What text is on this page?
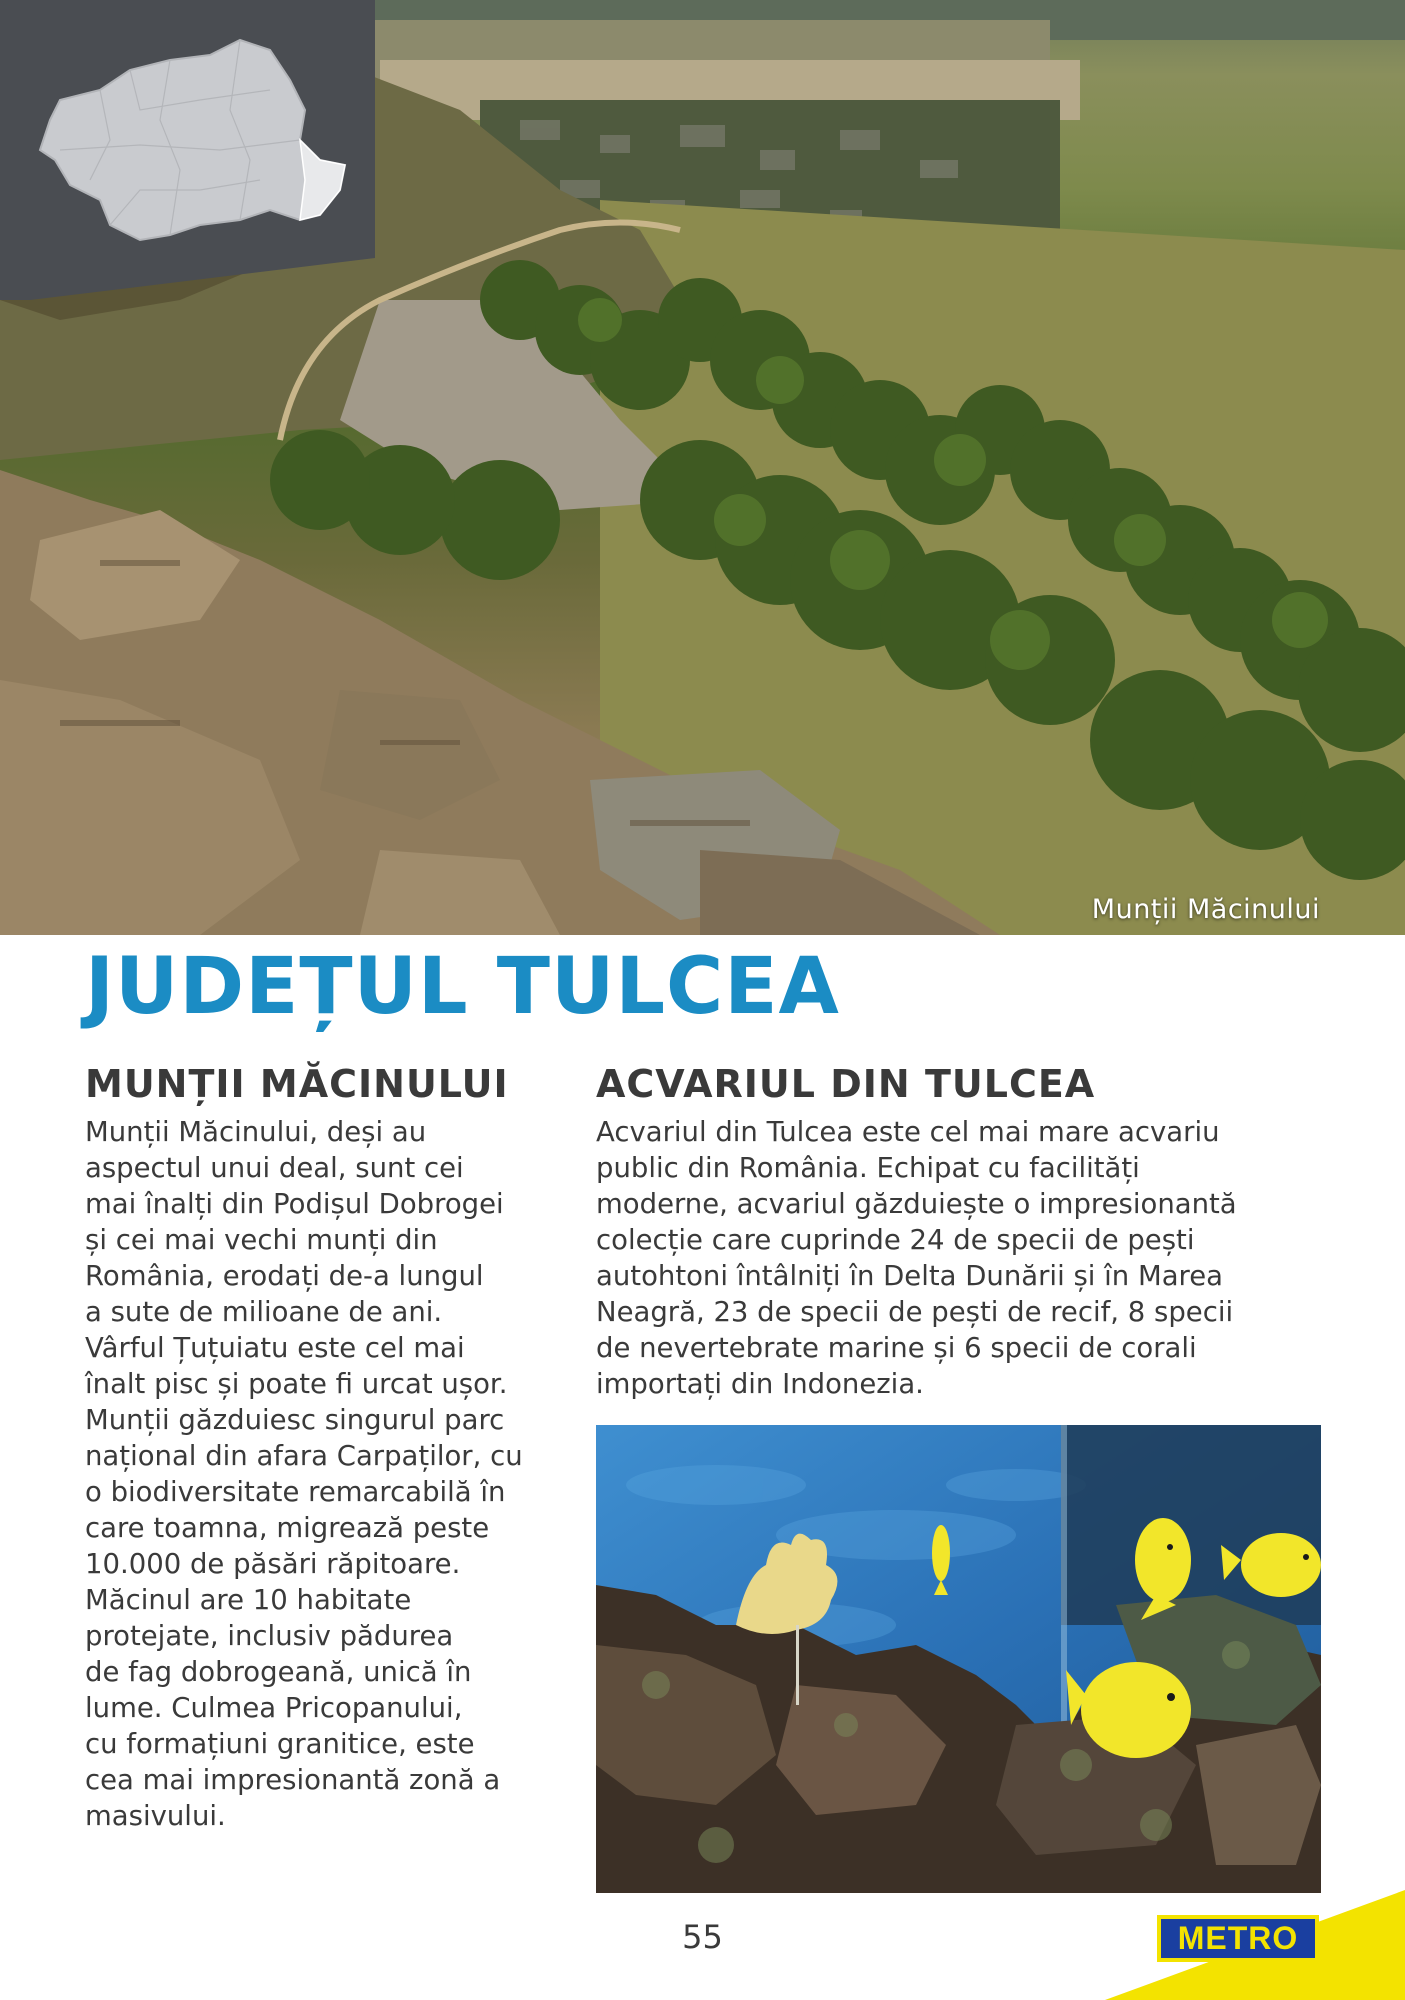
Munții Măcinului
JUDEȚUL TULCEA
MUNȚII MĂCINULUI

Munții Măcinului, deși au
aspectul unui deal, sunt cei
mai înalți din Podișul Dobrogei
și cei mai vechi munți din
România, erodați de-a lungul
a sute de milioane de ani.
Vârful Țuțuiatu este cel mai
înalt pisc și poate fi urcat ușor.
Munții găzduiesc singurul parc
național din afara Carpaților, cu
o biodiversitate remarcabilă în
care toamna, migrează peste
10.000 de păsări răpitoare.
Măcinul are 10 habitate
protejate, inclusiv pădurea
de fag dobrogeană, unică în
lume. Culmea Pricopanului,
cu formațiuni granitice, este
cea mai impresionantă zonă a
masivului.

ACVARIUL DIN TULCEA

Acvariul din Tulcea este cel mai mare acvariu
public din România. Echipat cu facilități
moderne, acvariul găzduiește o impresionantă
colecție care cuprinde 24 de specii de pești
autohtoni întâlniți în Delta Dunării și în Marea
Neagră, 23 de specii de pești de recif, 8 specii
de nevertebrate marine și 6 specii de corali
importați din Indonezia.

55	METRO
